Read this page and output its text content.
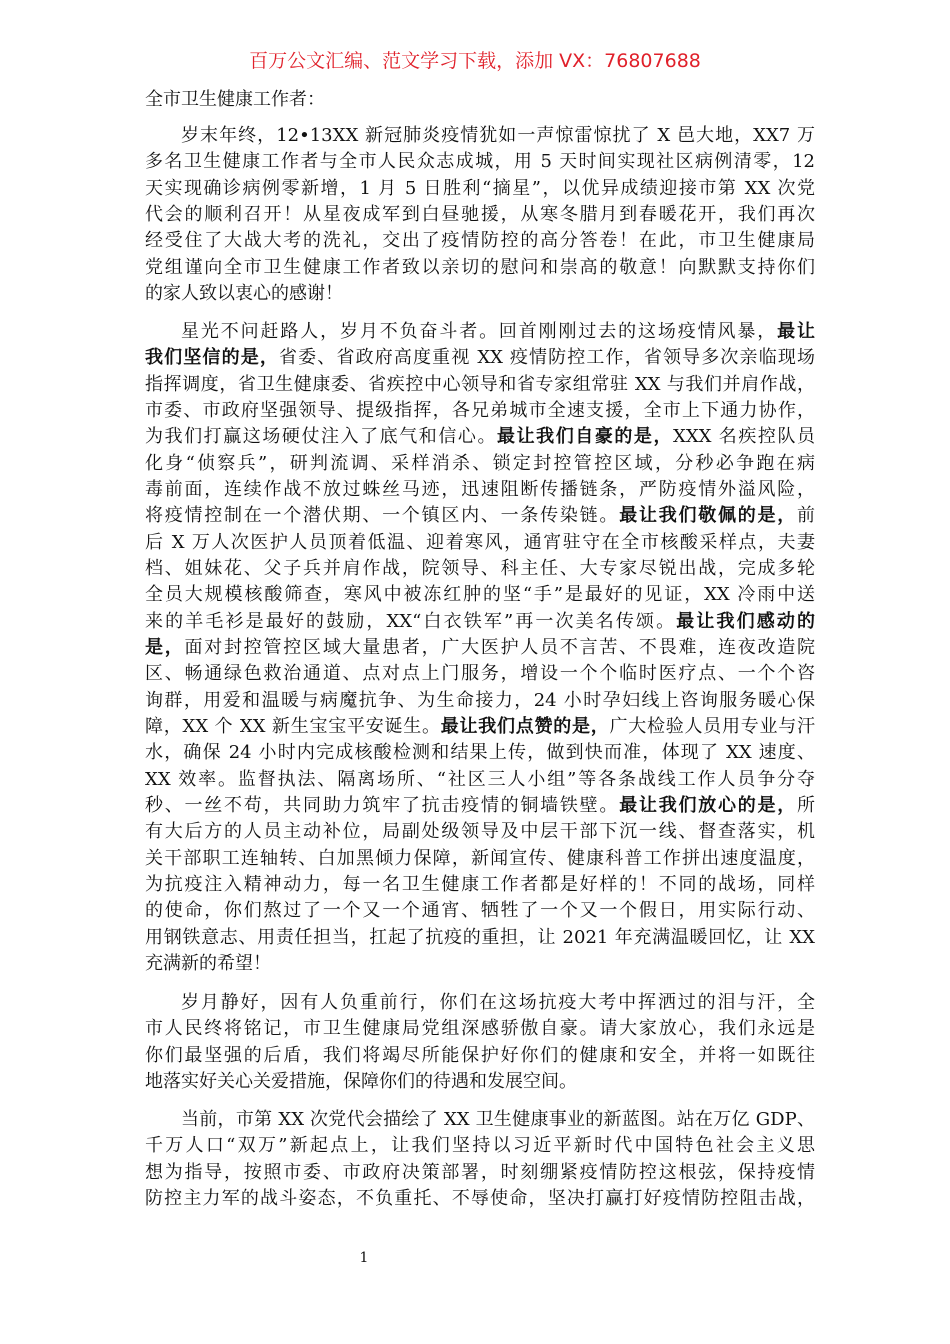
百万公文汇编、范文学习下载，添加 VX：76807688
全市卫生健康工作者：
岁末年终，12•13XX 新冠肺炎疫情犹如一声惊雷惊扰了 X 邑大地，XX7 万
多名卫生健康工作者与全市人民众志成城，用 5 天时间实现社区病例清零，12
天实现确诊病例零新增，1 月 5 日胜利“摘星”，以优异成绩迎接市第 XX 次党
代会的顺利召开！从星夜成军到白昼驰援，从寒冬腊月到春暖花开，我们再次
经受住了大战大考的洗礼，交出了疫情防控的高分答卷！在此，市卫生健康局
党组谨向全市卫生健康工作者致以亲切的慰问和崇高的敬意！向默默支持你们
的家人致以衷心的感谢！
星光不问赶路人，岁月不负奋斗者。回首刚刚过去的这场疫情风暴，最让
我们坚信的是，省委、省政府高度重视 XX 疫情防控工作，省领导多次亲临现场
指挥调度，省卫生健康委、省疾控中心领导和省专家组常驻 XX 与我们并肩作战，
市委、市政府坚强领导、提级指挥，各兄弟城市全速支援，全市上下通力协作，
为我们打赢这场硬仗注入了底气和信心。最让我们自豪的是，XXX 名疾控队员
化身“侦察兵”，研判流调、采样消杀、锁定封控管控区域，分秒必争跑在病
毒前面，连续作战不放过蛛丝马迹，迅速阻断传播链条，严防疫情外溢风险，
将疫情控制在一个潜伏期、一个镇区内、一条传染链。最让我们敬佩的是，前
后 X 万人次医护人员顶着低温、迎着寒风，通宵驻守在全市核酸采样点，夫妻
档、姐妹花、父子兵并肩作战，院领导、科主任、大专家尽锐出战，完成多轮
全员大规模核酸筛查，寒风中被冻红肿的坚“手”是最好的见证，XX 冷雨中送
来的羊毛衫是最好的鼓励，XX“白衣铁军”再一次美名传颂。最让我们感动的
是，面对封控管控区域大量患者，广大医护人员不言苦、不畏难，连夜改造院
区、畅通绿色救治通道、点对点上门服务，增设一个个临时医疗点、一个个咨
询群，用爱和温暖与病魔抗争、为生命接力，24 小时孕妇线上咨询服务暖心保
障，XX 个 XX 新生宝宝平安诞生。最让我们点赞的是，广大检验人员用专业与汗
水，确保 24 小时内完成核酸检测和结果上传，做到快而准，体现了 XX 速度、
XX 效率。监督执法、隔离场所、“社区三人小组”等各条战线工作人员争分夺
秒、一丝不苟，共同助力筑牢了抗击疫情的铜墙铁壁。最让我们放心的是，所
有大后方的人员主动补位，局副处级领导及中层干部下沉一线、督查落实，机
关干部职工连轴转、白加黑倾力保障，新闻宣传、健康科普工作拼出速度温度，
为抗疫注入精神动力，每一名卫生健康工作者都是好样的！不同的战场，同样
的使命，你们熬过了一个又一个通宵、牺牲了一个又一个假日，用实际行动、
用钢铁意志、用责任担当，扛起了抗疫的重担，让 2021 年充满温暖回忆，让 XX
充满新的希望！
岁月静好，因有人负重前行，你们在这场抗疫大考中挥洒过的泪与汗，全
市人民终将铭记，市卫生健康局党组深感骄傲自豪。请大家放心，我们永远是
你们最坚强的后盾，我们将竭尽所能保护好你们的健康和安全，并将一如既往
地落实好关心关爱措施，保障你们的待遇和发展空间。
当前，市第 XX 次党代会描绘了 XX 卫生健康事业的新蓝图。站在万亿 GDP、
千万人口“双万”新起点上，让我们坚持以习近平新时代中国特色社会主义思
想为指导，按照市委、市政府决策部署，时刻绷紧疫情防控这根弦，保持疫情
防控主力军的战斗姿态，不负重托、不辱使命，坚决打赢打好疫情防控阻击战，
1
